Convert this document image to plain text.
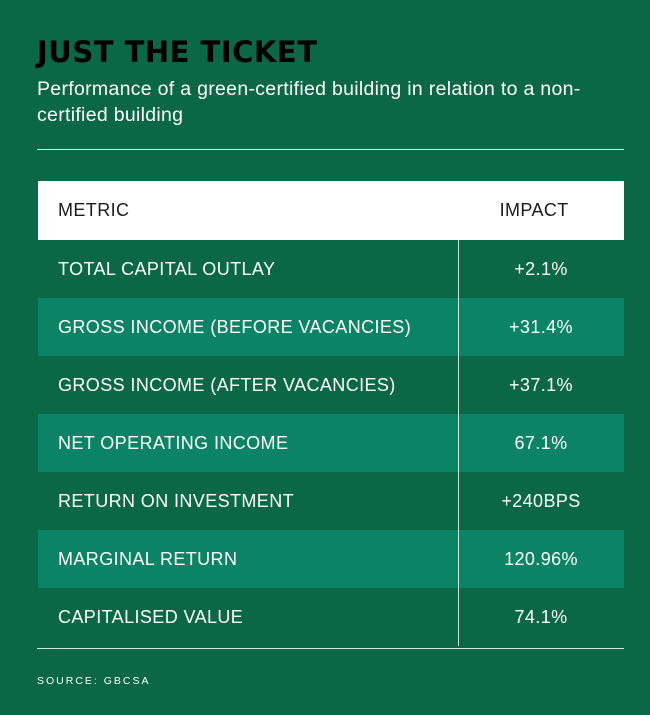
JUST THE TICKET

Performance of a green-certified building in relation to a non-certified building

METRIC	IMPACT
TOTAL CAPITAL OUTLAY	+2.1%
GROSS INCOME (BEFORE VACANCIES)	+31.4%
GROSS INCOME (AFTER VACANCIES)	+37.1%
NET OPERATING INCOME	67.1%
RETURN ON INVESTMENT	+240BPS
MARGINAL RETURN	120.96%
CAPITALISED VALUE	74.1%
SOURCE: GBCSA
